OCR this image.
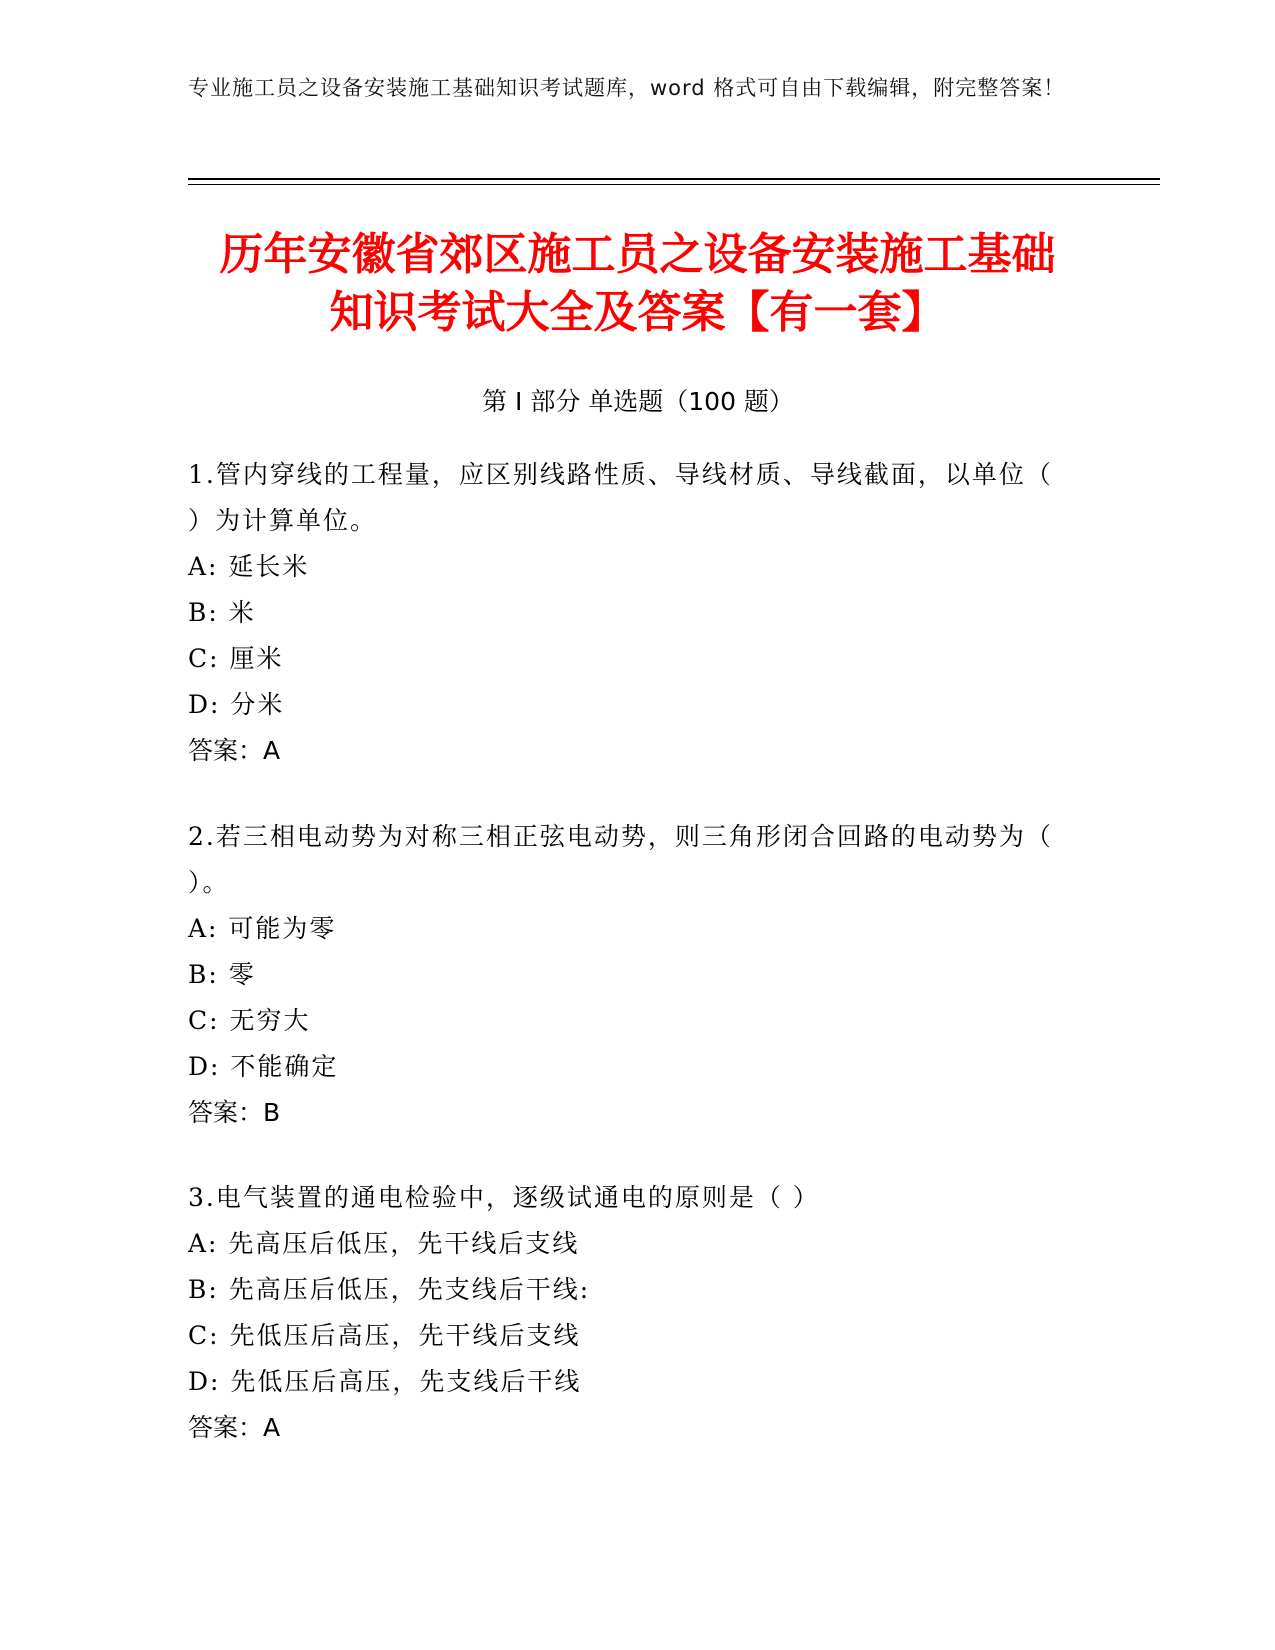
专业施工员之设备安装施工基础知识考试题库，word 格式可自由下载编辑，附完整答案！
历年安徽省郊区施工员之设备安装施工基础
知识考试大全及答案【有一套】
第 I 部分 单选题（100 题）
1.管内穿线的工程量，应区别线路性质、导线材质、导线截面，以单位（ ）为计算单位。
A: 延长米
B: 米
C: 厘米
D: 分米
答案：A
2.若三相电动势为对称三相正弦电动势，则三角形闭合回路的电动势为（ ）。
A: 可能为零
B: 零
C: 无穷大
D: 不能确定
答案：B
3.电气装置的通电检验中，逐级试通电的原则是（ ）
A: 先高压后低压，先干线后支线
B: 先高压后低压，先支线后干线:
C: 先低压后高压，先干线后支线
D: 先低压后高压，先支线后干线
答案：A
